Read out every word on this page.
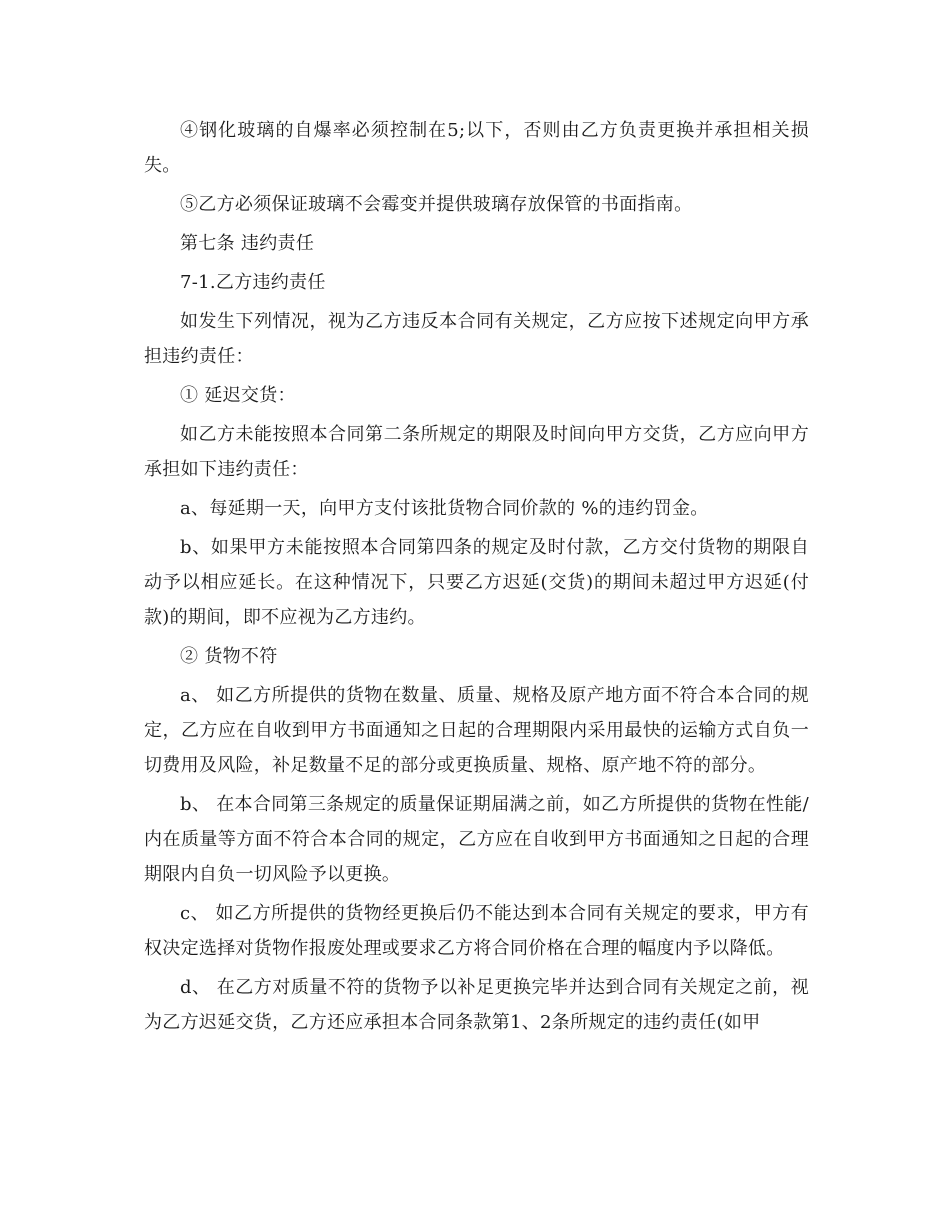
④钢化玻璃的自爆率必须控制在5;以下，否则由乙方负责更换并承担相关损失。

⑤乙方必须保证玻璃不会霉变并提供玻璃存放保管的书面指南。

第七条 违约责任

7-1.乙方违约责任

如发生下列情况，视为乙方违反本合同有关规定，乙方应按下述规定向甲方承担违约责任：

① 延迟交货：

如乙方未能按照本合同第二条所规定的期限及时间向甲方交货，乙方应向甲方承担如下违约责任：

a、每延期一天，向甲方支付该批货物合同价款的 %的违约罚金。

b、如果甲方未能按照本合同第四条的规定及时付款，乙方交付货物的期限自动予以相应延长。在这种情况下，只要乙方迟延(交货)的期间未超过甲方迟延(付款)的期间，即不应视为乙方违约。

② 货物不符

a、 如乙方所提供的货物在数量、质量、规格及原产地方面不符合本合同的规定，乙方应在自收到甲方书面通知之日起的合理期限内采用最快的运输方式自负一切费用及风险，补足数量不足的部分或更换质量、规格、原产地不符的部分。

b、 在本合同第三条规定的质量保证期届满之前，如乙方所提供的货物在性能/内在质量等方面不符合本合同的规定，乙方应在自收到甲方书面通知之日起的合理期限内自负一切风险予以更换。

c、 如乙方所提供的货物经更换后仍不能达到本合同有关规定的要求，甲方有权决定选择对货物作报废处理或要求乙方将合同价格在合理的幅度内予以降低。

d、 在乙方对质量不符的货物予以补足更换完毕并达到合同有关规定之前，视为乙方迟延交货，乙方还应承担本合同条款第1、2条所规定的违约责任(如甲
